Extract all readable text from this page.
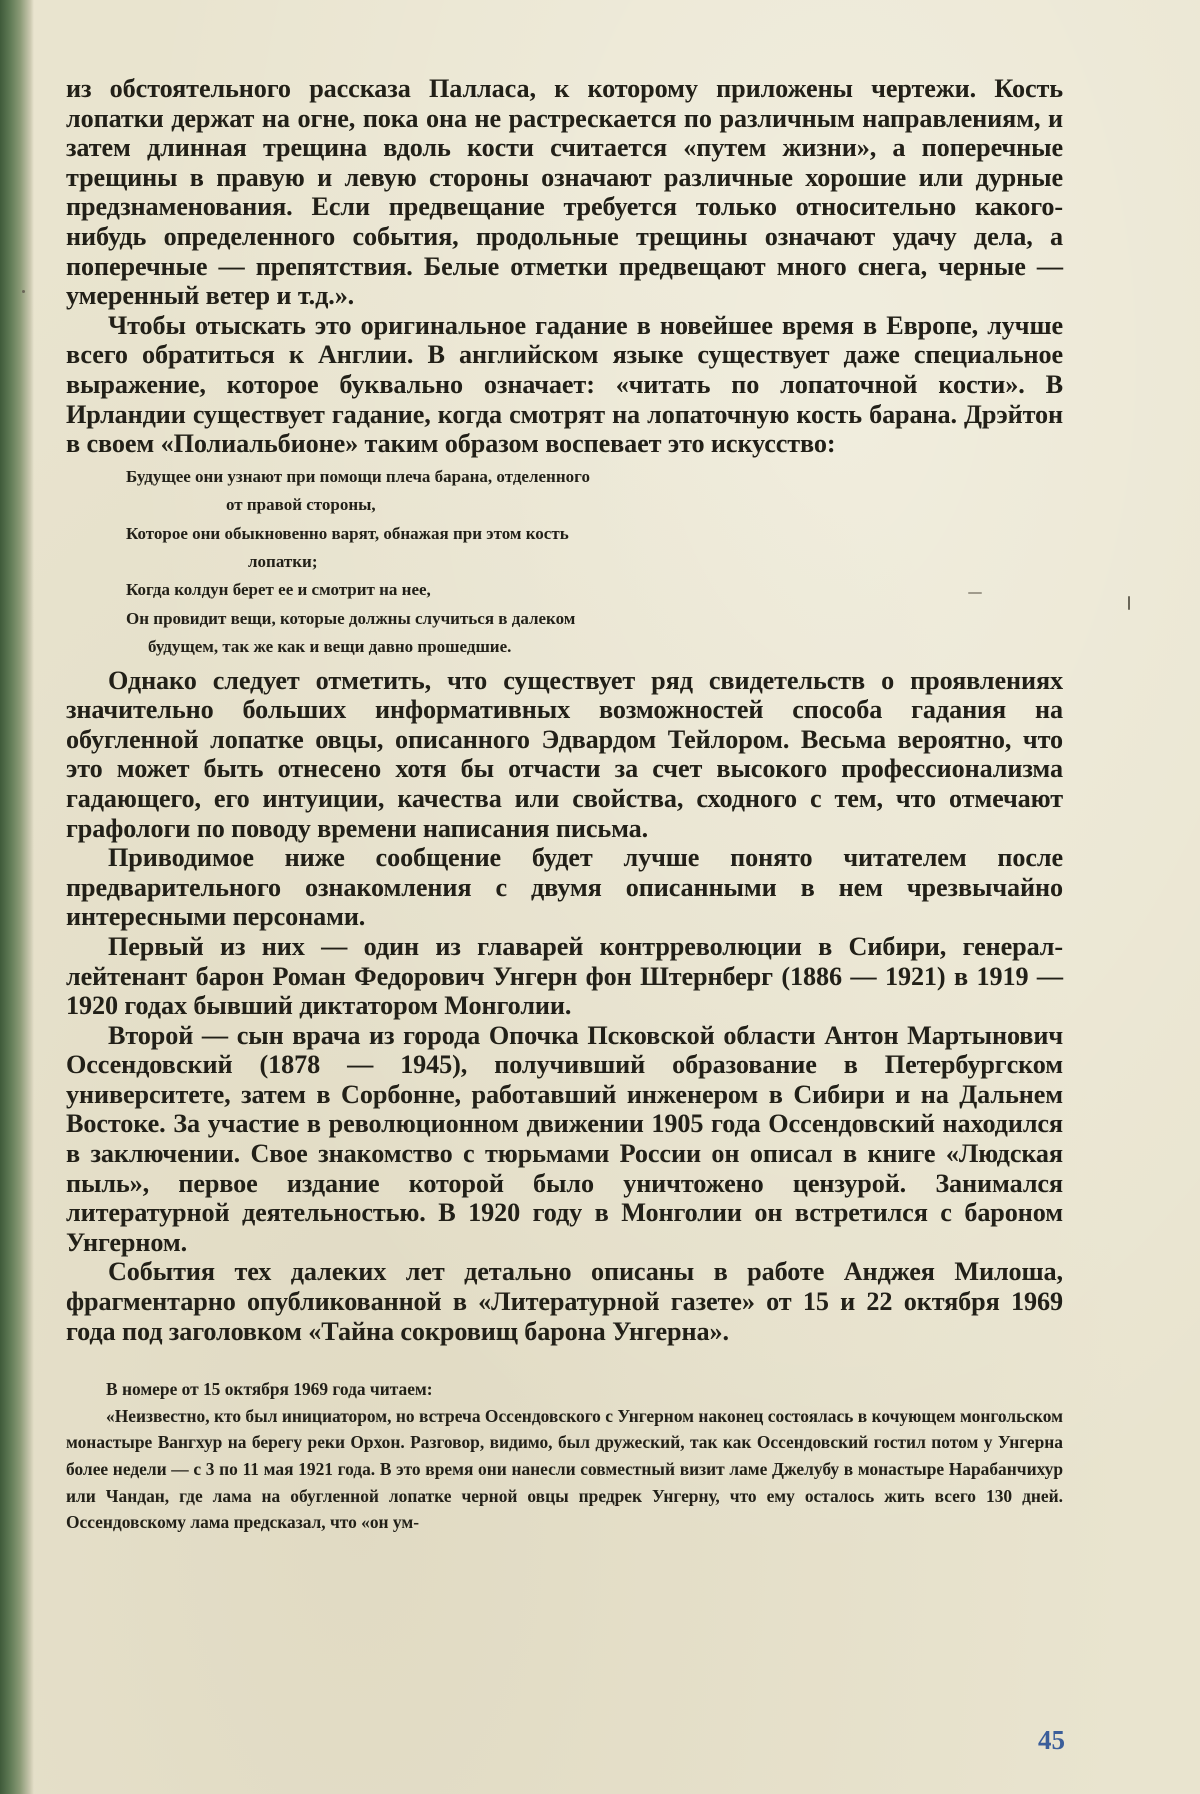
из обстоятельного рассказа Палласа, к которому приложены чертежи. Кость лопатки держат на огне, пока она не растрескается по различным направлениям, и затем длинная трещина вдоль кости считается «путем жизни», а поперечные трещины в правую и левую стороны означают различные хорошие или дурные предзнаменования. Если предвещание требуется только относительно какого-нибудь определенного события, продольные трещины означают удачу дела, а поперечные — препятствия. Белые отметки предвещают много снега, черные — умеренный ветер и т.д.».

Чтобы отыскать это оригинальное гадание в новейшее время в Европе, лучше всего обратиться к Англии. В английском языке существует даже специальное выражение, которое буквально означает: «читать по лопаточной кости». В Ирландии существует гадание, когда смотрят на лопаточную кость барана. Дрэйтон в своем «Полиальбионе» таким образом воспевает это искусство:

Будущее они узнают при помощи плеча барана, отделенного
от правой стороны,
Которое они обыкновенно варят, обнажая при этом кость
лопатки;
Когда колдун берет ее и смотрит на нее,
Он провидит вещи, которые должны случиться в далеком
будущем, так же как и вещи давно прошедшие.

Однако следует отметить, что существует ряд свидетельств о проявлениях значительно больших информативных возможностей способа гадания на обугленной лопатке овцы, описанного Эдвардом Тейлором. Весьма вероятно, что это может быть отнесено хотя бы отчасти за счет высокого профессионализма гадающего, его интуиции, качества или свойства, сходного с тем, что отмечают графологи по поводу времени написания письма.

Приводимое ниже сообщение будет лучше понято читателем после предварительного ознакомления с двумя описанными в нем чрезвычайно интересными персонами.

Первый из них — один из главарей контрреволюции в Сибири, генерал-лейтенант барон Роман Федорович Унгерн фон Штернберг (1886 — 1921) в 1919 — 1920 годах бывший диктатором Монголии.

Второй — сын врача из города Опочка Псковской области Антон Мартынович Оссендовский (1878 — 1945), получивший образование в Петербургском университете, затем в Сорбонне, работавший инженером в Сибири и на Дальнем Востоке. За участие в революционном движении 1905 года Оссендовский находился в заключении. Свое знакомство с тюрьмами России он описал в книге «Людская пыль», первое издание которой было уничтожено цензурой. Занимался литературной деятельностью. В 1920 году в Монголии он встретился с бароном Унгерном.

События тех далеких лет детально описаны в работе Анджея Милоша, фрагментарно опубликованной в «Литературной газете» от 15 и 22 октября 1969 года под заголовком «Тайна сокровищ барона Унгерна».

В номере от 15 октября 1969 года читаем:

«Неизвестно, кто был инициатором, но встреча Оссендовского с Унгерном наконец состоялась в кочующем монгольском монастыре Вангхур на берегу реки Орхон. Разговор, видимо, был дружеский, так как Оссендовский гостил потом у Унгерна более недели — с 3 по 11 мая 1921 года. В это время они нанесли совместный визит ламе Джелубу в монастыре Нарабанчихур или Чандан, где лама на обугленной лопатке черной овцы предрек Унгерну, что ему осталось жить всего 130 дней. Оссендовскому лама предсказал, что «он ум-

45
